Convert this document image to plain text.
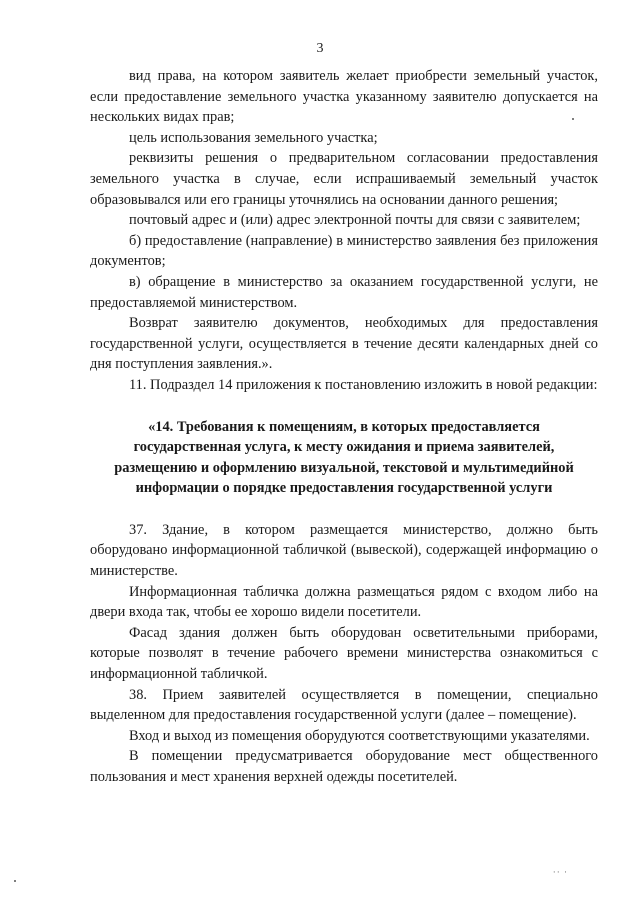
3

вид права, на котором заявитель желает приобрести земельный участок, если предоставление земельного участка указанному заявителю допускается на нескольких видах прав;

цель использования земельного участка;

реквизиты решения о предварительном согласовании предоставления земельного участка в случае, если испрашиваемый земельный участок образовывался или его границы уточнялись на основании данного решения;

почтовый адрес и (или) адрес электронной почты для связи с заявителем;

б) предоставление (направление) в министерство заявления без приложения документов;

в) обращение в министерство за оказанием государственной услуги, не предоставляемой министерством.

Возврат заявителю документов, необходимых для предоставления государственной услуги, осуществляется в течение десяти календарных дней со дня поступления заявления.».

11. Подраздел 14 приложения к постановлению изложить в новой редакции:

«14. Требования к помещениям, в которых предоставляется государственная услуга, к месту ожидания и приема заявителей, размещению и оформлению визуальной, текстовой и мультимедийной информации о порядке предоставления государственной услуги

37. Здание, в котором размещается министерство, должно быть оборудовано информационной табличкой (вывеской), содержащей информацию о министерстве.

Информационная табличка должна размещаться рядом с входом либо на двери входа так, чтобы ее хорошо видели посетители.

Фасад здания должен быть оборудован осветительными приборами, которые позволят в течение рабочего времени министерства ознакомиться с информационной табличкой.

38. Прием заявителей осуществляется в помещении, специально выделенном для предоставления государственной услуги (далее – помещение).

Вход и выход из помещения оборудуются соответствующими указателями.

В помещении предусматривается оборудование мест общественного пользования и мест хранения верхней одежды посетителей.

·· ·
